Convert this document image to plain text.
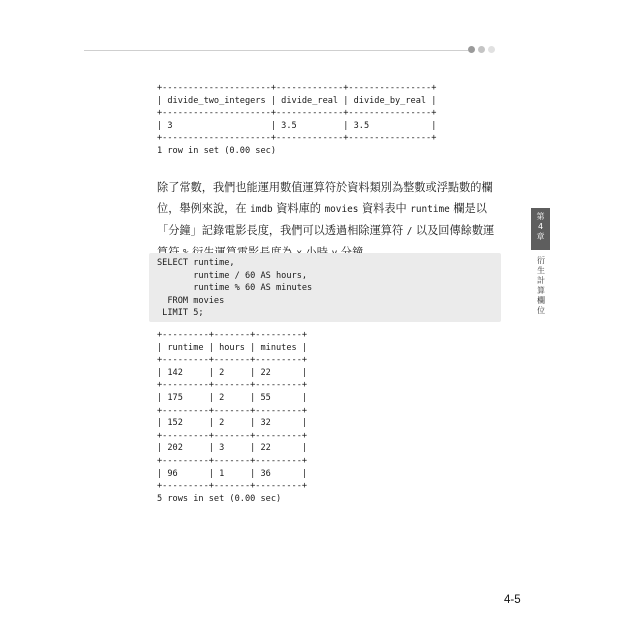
+---------------------+-------------+----------------+
| divide_two_integers | divide_real | divide_by_real |
+---------------------+-------------+----------------+
| 3                   | 3.5         | 3.5            |
+---------------------+-------------+----------------+
1 row in set (0.00 sec)

除了常數，我們也能運用數值運算符於資料類別為整數或浮點數的欄位，舉例來說，在 imdb 資料庫的 movies 資料表中 runtime 欄是以「分鐘」記錄電影長度，我們可以透過相除運算符 / 以及回傳餘數運

SELECT runtime,
runtime / 60 AS hours,
runtime % 60 AS minutes
FROM movies
LIMIT 5;
+---------+-------+---------+
| runtime | hours | minutes |
+---------+-------+---------+
| 142     | 2     | 22      |
+---------+-------+---------+
| 175     | 2     | 55      |
+---------+-------+---------+
| 152     | 2     | 32      |
+---------+-------+---------+
| 202     | 3     | 22      |
+---------+-------+---------+
| 96      | 1     | 36      |
+---------+-------+---------+
5 rows in set (0.00 sec)
第
4
章
衍
生
計
算
欄
位
4-5
